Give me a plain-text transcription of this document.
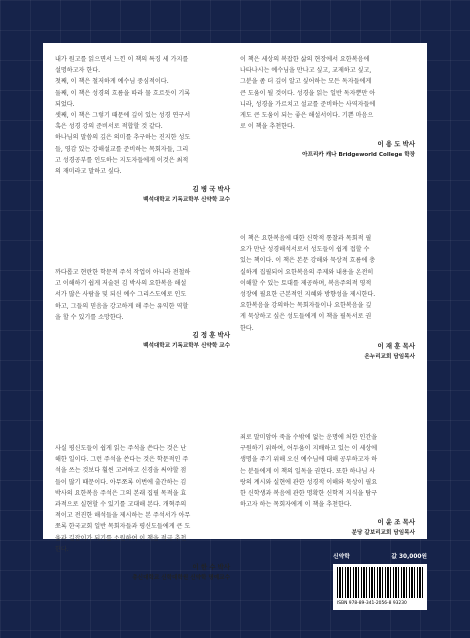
내가 원고를 읽으면서 느낀 이 책의 특징 세 가지를

설명하고자 한다.

첫째, 이 책은 철저하게 예수님 중심적이다.

둘째, 이 책은 성경의 흐름을 따라 물 흐르듯이 기록

되었다.

셋째, 이 책은 그렇기 때문에 깊이 있는 성경 연구서

혹은 성경 강의 준비서로 적합할 것 같다.

하나님의 말씀의 깊은 의미를 추구하는 진지한 성도

들, 영감 있는 강해설교를 준비하는 목회자들, 그리

고 성경공부를 인도하는 지도자들에게 이것은 최적

의 재미라고 말하고 싶다.

김 병 국 박사
백석대학교 기독교학부 신약학 교수

까다롭고 현란한 학문적 주석 작업이 아니라 전철하

고 이해하기 쉽게 저술된 김 박사의 요한복음 해설

서가 많은 사람을 및 되신 예수 그리스도에로 인도

하고, 그들의 믿음을 강고하게 해 주는 유익한 역할

을 할 수 있기를 소망한다.

김 정 훈 박사
백석대학교 기독교학부 신약학 교수

사실 평신도들이 쉽게 읽는 주석을 쓴다는 것은 난

해한 일이다. 그런 주석을 쓴다는 것은 학문적인 주

석을 쓰는 것보다 훨씬 고려하고 신경을 써야할 점

들이 많기 때문이다. 아무쪼록 이번에 출간하는 김

박사의 요한복음 주석은 그의 본래 집필 목적을 효

과적으로 실현할 수 있기를 고대해 본다. 개혁주의

적이고 전진한 해석들을 제시하는 본 주석서가 아무

쪼록 한국교회 일반 목회자들과 평신도들에게 큰 도

움과 길잡이가 되기를 소원하여 이 책을 적극 추천

한다.

이 한 수 박사
총신대학교 신학대학원 신약학 명예교수

이 책은 세상의 복잡한 삶의 현장에서 요한복음에

나타나시는 예수님을 만나고 싶고, 교제하고 싶고,

그분을 좀 더 깊이 알고 싶어하는 모든 독자들에게

큰 도움이 될 것이다. 성경을 읽는 일반 독자뿐만 아

니라, 성경을 가르치고 설교를 준비하는 사역자들에

게도 큰 도움이 되는 좋은 해설서이다. 기쁜 마음으

로 이 책을 추천한다.

이 용 도 박사
아프리카 캐나 Bridgeworld College 학장

이 책은 요한복음에 대한 신학적 통찰과 목회적 필

요가 만난 성경해석서로서 성도들이 쉽게 접할 수

있는 책이다. 이 책은 본문 강해와 묵상적 흐름에 충

실하게 집필되어 요한복음의 주제와 내용을 온전히

이해할 수 있는 토대를 제공하며, 복음주의적 영적

성장에 필요한 근본적인 지혜와 방향성을 제시한다.

요한복음을 강의하는 목회자들이나 요한복음을 깊

게 묵상하고 싶은 성도들에게 이 책을 필독서로 권

한다.

이 재 훈 목사
온누리교회 담임목사

죄로 말미암아 죽을 수밖에 없는 운명에 처한 인간을

구원하기 위하여, 어두움이 지배하고 있는 이 세상에

생명을 주기 위해 오신 예수님에 대해 공부하고자 하

는 분들에게 이 책의 일독을 권한다. 또한 하나님 사

랑의 계시와 실현에 관한 성경적 이해와 묵상이 필요

한 신학생과 복음에 관한 명확한 신학적 지식을 탐구

하고자 하는 목회자에게 이 책을 추천한다.

이 윤 조 목사
분당 갈보리교회 담임목사
신약학	값 30,000원
ISBN 978-89-341-2056-8 93230
